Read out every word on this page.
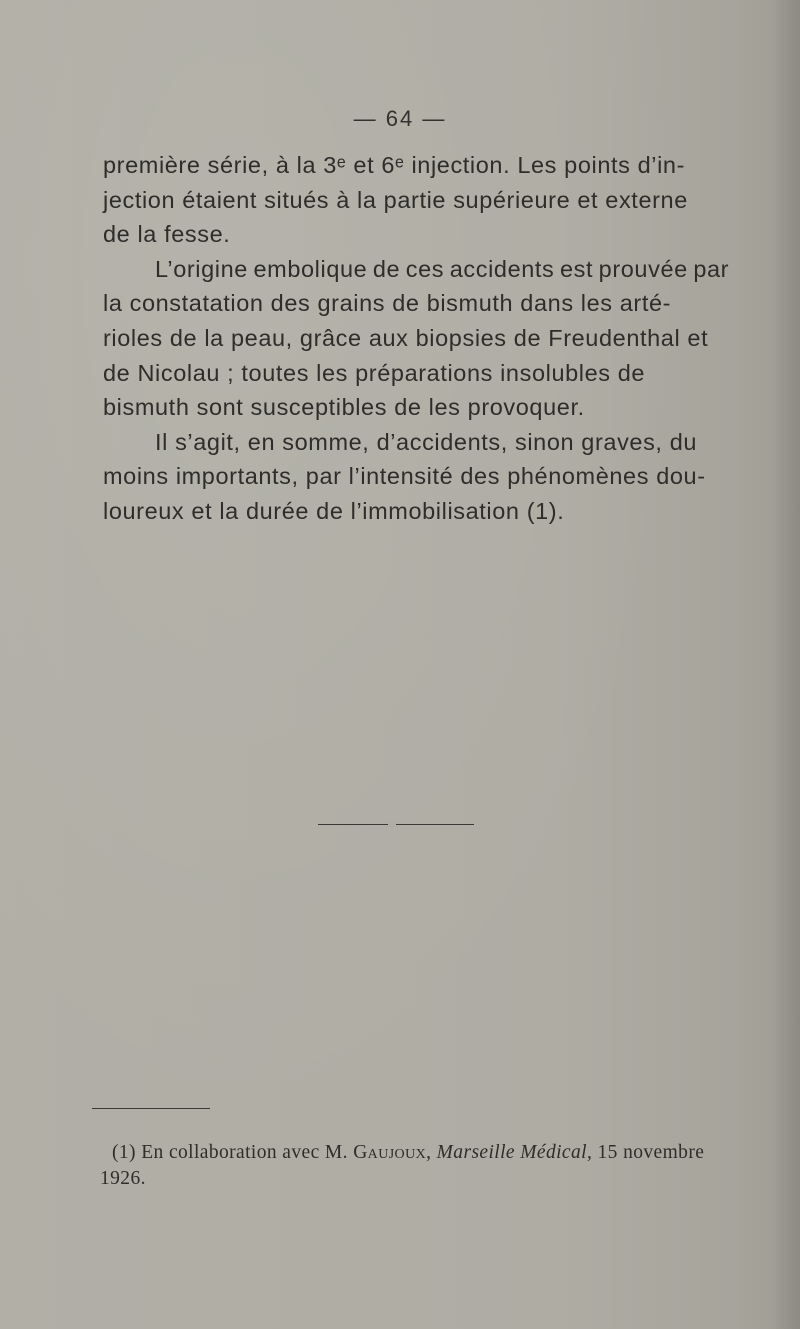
— 64 —

première série, à la 3ᵉ et 6ᵉ injection. Les points d’in-
jection étaient situés à la partie supérieure et externe
de la fesse.

L’origine embolique de ces accidents est prouvée par
la constatation des grains de bismuth dans les arté-
rioles de la peau, grâce aux biopsies de Freudenthal et
de Nicolau ; toutes les préparations insolubles de
bismuth sont susceptibles de les provoquer.

Il s’agit, en somme, d’accidents, sinon graves, du
moins importants, par l’intensité des phénomènes dou-
loureux et la durée de l’immobilisation (1).

(1) En collaboration avec M. Gaujoux, Marseille Médical, 15 novembre
1926.
